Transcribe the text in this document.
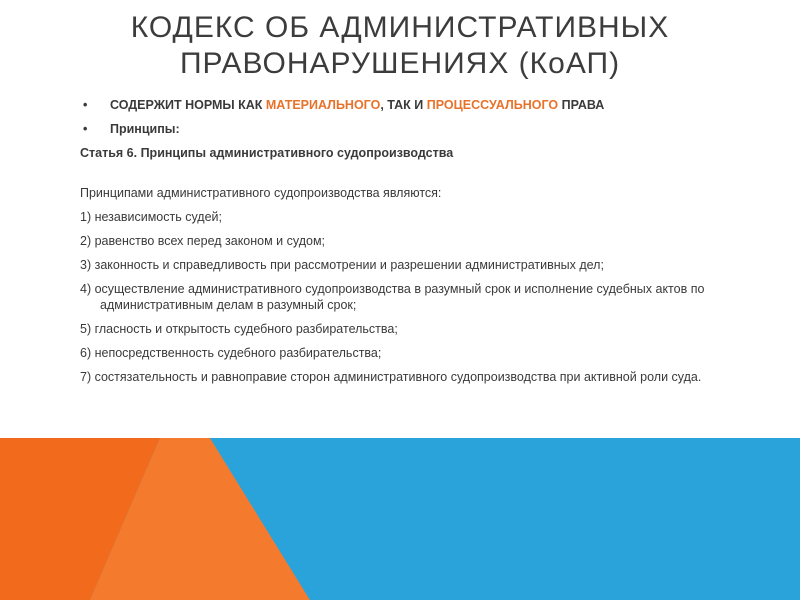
КОДЕКС ОБ АДМИНИСТРАТИВНЫХ
ПРАВОНАРУШЕНИЯХ (КоАП)
• СОДЕРЖИТ НОРМЫ КАК МАТЕРИАЛЬНОГО, ТАК И ПРОЦЕССУАЛЬНОГО ПРАВА
• Принципы:
Статья 6. Принципы административного судопроизводства
Принципами административного судопроизводства являются:
1) независимость судей;
2) равенство всех перед законом и судом;
3) законность и справедливость при рассмотрении и разрешении административных дел;
4) осуществление административного судопроизводства в разумный срок и исполнение судебных актов по административным делам в разумный срок;
5) гласность и открытость судебного разбирательства;
6) непосредственность судебного разбирательства;
7) состязательность и равноправие сторон административного судопроизводства при активной роли суда.
